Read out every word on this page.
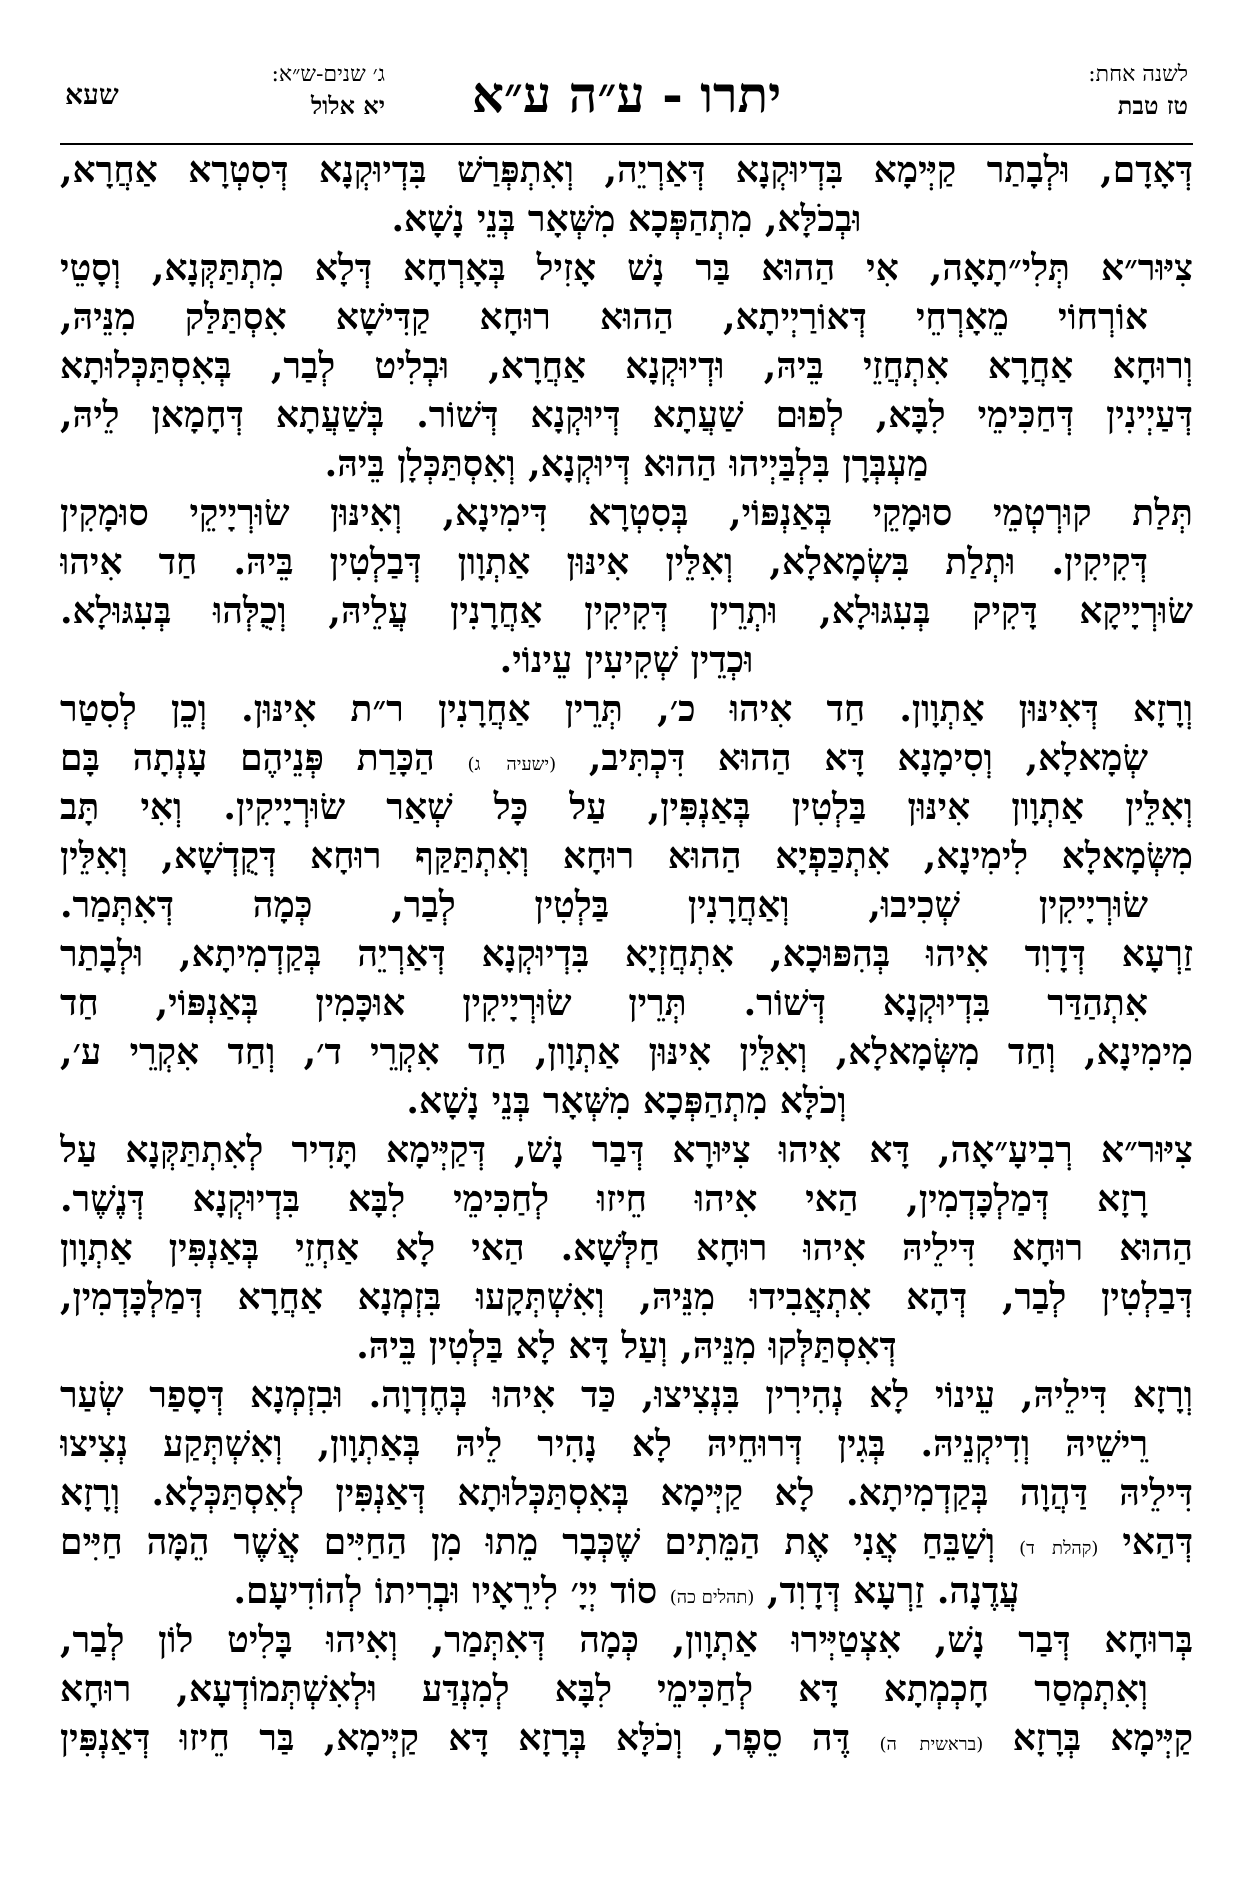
לשנה אחת:
טז טבת
יתרו - ע״ה ע״א
ג׳ שנים-ש״א:
יא אלול
שעא
דְּאָדָם, וּלְבָתַר קַיְּימָא בִּדְיוּקְנָא דְּאַרְיֵה, וְאִתְפְּרַשׁ בִּדְיוּקְנָא דְּסִטְרָא אַחֲרָא,
וּבְכֹלָּא, מִתְהַפְּכָא מִשְּׁאָר בְּנֵי נָשָׁא.
צִיּוּר״א תְּלִי״תָאָה, אִי הַהוּא בַּר נָשׁ אָזִיל בְּאָרְחָא דְּלָא מִתְתַּקְּנָא, וְסָטֵי
אוֹרְחוֹי מֵאָרְחֵי דְּאוֹרַיְיתָא, הַהוּא רוּחָא קַדִּישָׁא אִסְתַּלַּק מִנֵּיהּ,
וְרוּחָא אַחֲרָא אִתְחֲזֵי בֵּיהּ, וּדְיוּקְנָא אַחֲרָא, וּבְלִיט לְבַר, בְּאִסְתַּכְּלוּתָא
דְּעַיְינִין דְּחַכִּימֵי לִבָּא, לְפוּם שַׁעֲתָא דְּיוּקְנָא דְּשׁוֹר. בְּשַׁעֲתָא דְּחָמָאן לֵיהּ,
מַעְבְּרָן בִּלְבַּיְיהוּ הַהוּא דְּיוּקְנָא, וְאִסְתַּכְּלָן בֵּיהּ.
תְּלַת קוּרְטְמֵי סוּמָקֵי בְּאַנְפּוֹי, בְּסִטְרָא דִּימִינָא, וְאִינּוּן שׂוּרְיָיקֵי סוּמָקִין
דְּקִיקִין. וּתְלַת בִּשְׂמָאלָא, וְאִלֵּין אִינּוּן אַתְוָון דְּבַלְטִין בֵּיהּ. חַד אִיהוּ
שׂוּרְיָיקָא דָּקִיק בְּעִגּוּלָא, וּתְרֵין דְּקִיקִין אַחֲרָנִין עֲלֵיהּ, וְכֻלְּהוּ בְּעִגּוּלָא.
וּכְדֵין שְׁקִיעִין עֵינוֹי.
וְרָזָא דְּאִינּוּן אַתְוָון. חַד אִיהוּ כ׳, תְּרֵין אַחֲרָנִין ר״ת אִינּוּן. וְכֵן לְסִטַר
שְׂמָאלָא, וְסִימָנָא דָּא הַהוּא דִּכְתִּיב, (ישעיה ג) הַכָּרַת פְּנֵיהֶם עָנְתָה בָּם
וְאִלֵּין אַתְוָון אִינּוּן בַּלְטִין בְּאַנְפִּין, עַל כָּל שְׁאַר שׂוּרְיָיקִין. וְאִי תָּב
מִשְּׂמָאלָא לִימִינָא, אִתְכַּפְיָא הַהוּא רוּחָא וְאִתְתַּקַּף רוּחָא דְּקֻדְשָׁא, וְאִלֵּין
שׂוּרְיָיקִין שְׁכִיבוּ, וְאַחֲרָנִין בַּלְטִין לְבַר, כְּמָה דְּאִתְּמַר.
זַרְעָא דְּדָוִד אִיהוּ בְּהִפּוּכָא, אִתְחֲזְיָא בִּדְיוּקְנָא דְּאַרְיֵה בְּקַדְמִיתָא, וּלְבָתַר
אִתְהַדַּר בִּדְיוּקְנָא דְּשׁוֹר. תְּרֵין שׂוּרְיָיקִין אוּכָּמִין בְּאַנְפּוֹי, חַד
מִימִינָא, וְחַד מִשְּׂמָאלָא, וְאִלֵּין אִינּוּן אַתְוָון, חַד אִקְרֵי ד׳, וְחַד אִקְרֵי ע׳,
וְכֹלָּא מִתְהַפְּכָא מִשְּׁאָר בְּנֵי נָשָׁא.
צִיּוּר״א רְבִיעָ״אָה, דָּא אִיהוּ צִיּוּרָא דְּבַר נָשׁ, דְּקַיְּימָא תָּדִיר לְאִתְתַּקְּנָא עַל
רָזָא דְּמַלְכָּדְמִין, הַאי אִיהוּ חֵיזוּ לְחַכִּימֵי לִבָּא בִּדְיוּקְנָא דְּנֶשֶׁר.
הַהוּא רוּחָא דִּילֵיהּ אִיהוּ רוּחָא חַלְּשָׁא. הַאי לָא אַחְזֵי בְּאַנְפִּין אַתְוָון
דְּבַלְטִין לְבַר, דְּהָא אִתְאֲבִידוּ מִנֵּיהּ, וְאִשְׁתְּקָעוּ בִּזְמְנָא אַחֲרָא דְּמַלְכָּדְמִין,
דְּאִסְתַּלְּקוּ מִנֵּיהּ, וְעַל דָּא לָא בַּלְטִין בֵּיהּ.
וְרָזָא דִּילֵיהּ, עֵינוֹי לָא נְהִירִין בִּנְצִיצוּ, כַּד אִיהוּ בְּחֶדְוָה. וּבִזְמְנָא דְּסָפַר שְׂעַר
רֵישֵׁיהּ וְדִיקְנֵיהּ. בְּגִין דְּרוּחֵיהּ לָא נָהִיר לֵיהּ בְּאַתְוָון, וְאִשְׁתְּקַע נְצִיצוּ
דִּילֵיהּ דַּהֲוָה בְּקַדְמִיתָא. לָא קַיְּימָא בְּאִסְתַּכְּלוּתָא דְּאַנְפִּין לְאִסְתַּכְּלָא. וְרָזָא
דְּהַאי (קהלת ד) וְשַׁבֵּחַ אֲנִי אֶת הַמֵּתִים שֶׁכְּבָר מֵתוּ מִן הַחַיִּים אֲשֶׁר הֵמָּה חַיִּים
עֲדֶנָה. זַרְעָא דְּדָוִד, (תהלים כה) סוֹד יְיָ׳ לִירֵאָיו וּבְרִיתוֹ לְהוֹדִיעָם.
בְּרוּחָא דְּבַר נָשׁ, אִצְטַיְּירוּ אַתְוָון, כְּמָה דְּאִתְּמַר, וְאִיהוּ בָּלִיט לוֹן לְבַר,
וְאִתְמְסַר חָכְמְתָא דָּא לְחַכִּימֵי לִבָּא לְמִנְדַּע וּלְאִשְׁתְּמוֹדְעָא, רוּחָא
קַיְּימָא בְּרָזָא (בראשית ה) דֶּה סֵפֶר, וְכֹלָּא בְּרָזָא דָּא קַיְּימָא, בַּר חֵיזוּ דְּאַנְפִּין
